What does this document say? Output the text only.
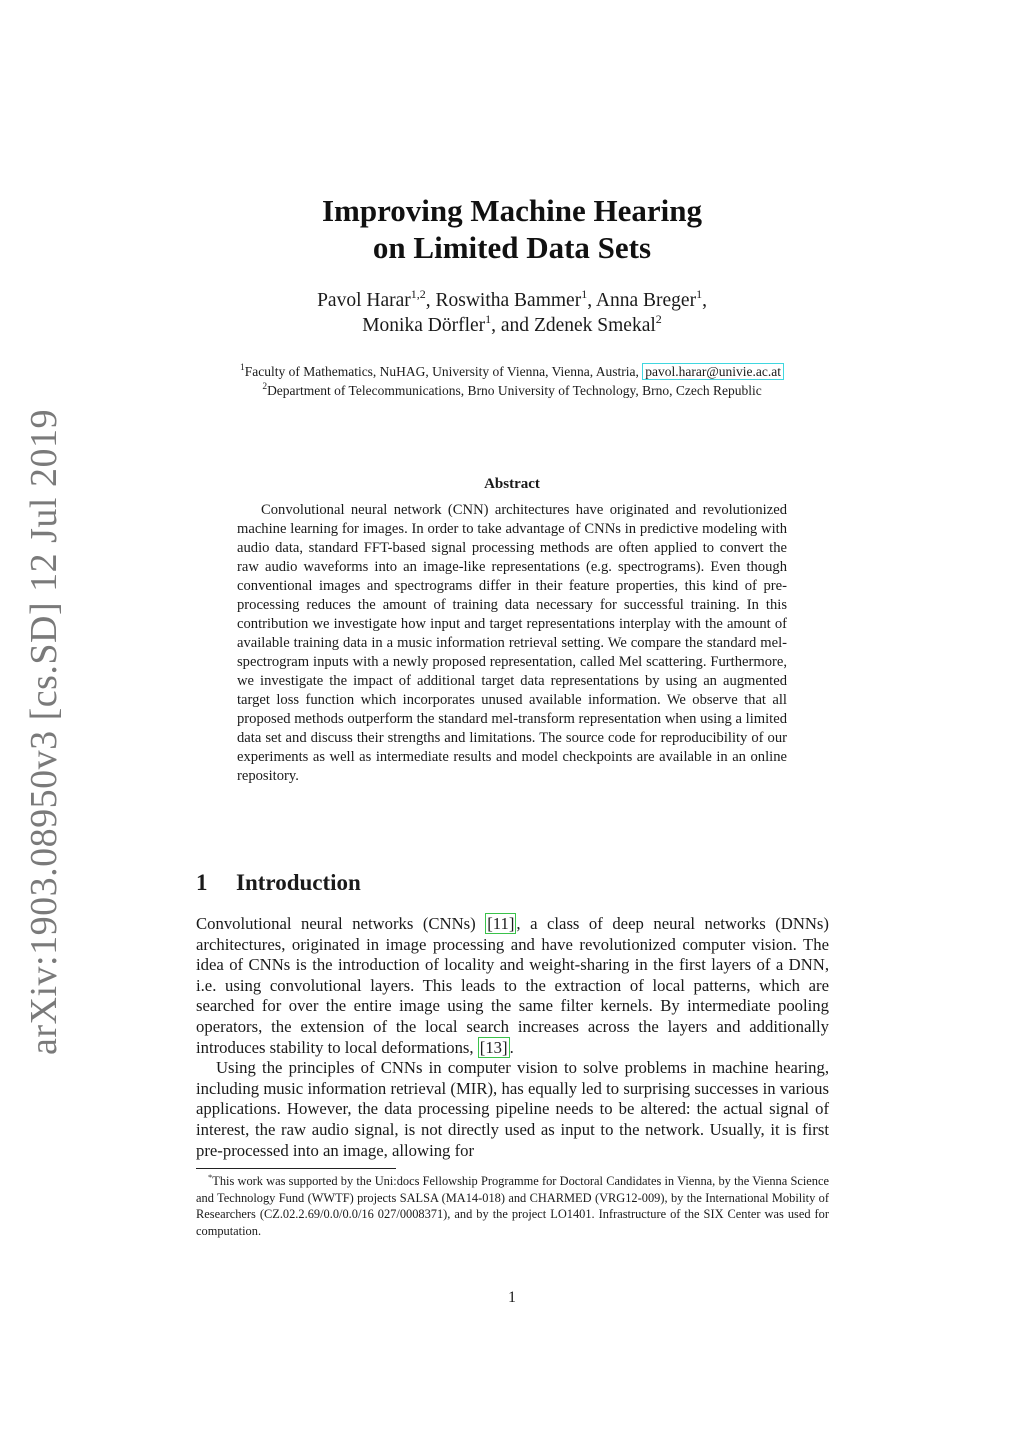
arXiv:1903.08950v3 [cs.SD] 12 Jul 2019
Improving Machine Hearing
on Limited Data Sets
Pavol Harar$^{1,2}$, Roswitha Bammer$^1$, Anna Breger$^1$,
Monika Dörfler$^1$, and Zdenek Smekal$^2$
$^1$Faculty of Mathematics, NuHAG, University of Vienna, Vienna, Austria, pavol.harar@univie.ac.at
$^2$Department of Telecommunications, Brno University of Technology, Brno, Czech Republic
Abstract
Convolutional neural network (CNN) architectures have originated and revolutionized machine learning for images. In order to take advantage of CNNs in predictive modeling with audio data, standard FFT-based signal processing methods are often applied to convert the raw audio waveforms into an image-like representations (e.g. spectrograms). Even though conventional images and spectrograms differ in their feature properties, this kind of pre-processing reduces the amount of training data necessary for successful training. In this contribution we investigate how input and target representations interplay with the amount of available training data in a music information retrieval setting. We compare the standard mel-spectrogram inputs with a newly proposed representation, called Mel scattering. Furthermore, we investigate the impact of additional target data representations by using an augmented target loss function which incorporates unused available information. We observe that all proposed methods outperform the standard mel-transform representation when using a limited data set and discuss their strengths and limitations. The source code for reproducibility of our experiments as well as intermediate results and model checkpoints are available in an online repository.
1 Introduction

Convolutional neural networks (CNNs) [11] , a class of deep neural networks (DNNs) architectures, originated in image processing and have revolutionized computer vision. The idea of CNNs is the introduction of locality and weight-sharing in the first layers of a DNN, i.e. using convolutional layers. This leads to the extraction of local patterns, which are searched for over the entire image using the same filter kernels. By intermediate pooling operators, the extension of the local search increases across the layers and additionally introduces stability to local deformations, [13] .

Using the principles of CNNs in computer vision to solve problems in machine hearing, including music information retrieval (MIR), has equally led to surprising successes in various applications. However, the data processing pipeline needs to be altered: the actual signal of interest, the raw audio signal, is not directly used as input to the network. Usually, it is first pre-processed into an image, allowing for

*This work was supported by the Uni:docs Fellowship Programme for Doctoral Candidates in Vienna, by the Vienna Science and Technology Fund (WWTF) projects SALSA (MA14-018) and CHARMED (VRG12-009), by the International Mobility of Researchers (CZ.02.2.69/0.0/0.0/16 027/0008371), and by the project LO1401. Infrastructure of the SIX Center was used for computation.
1
